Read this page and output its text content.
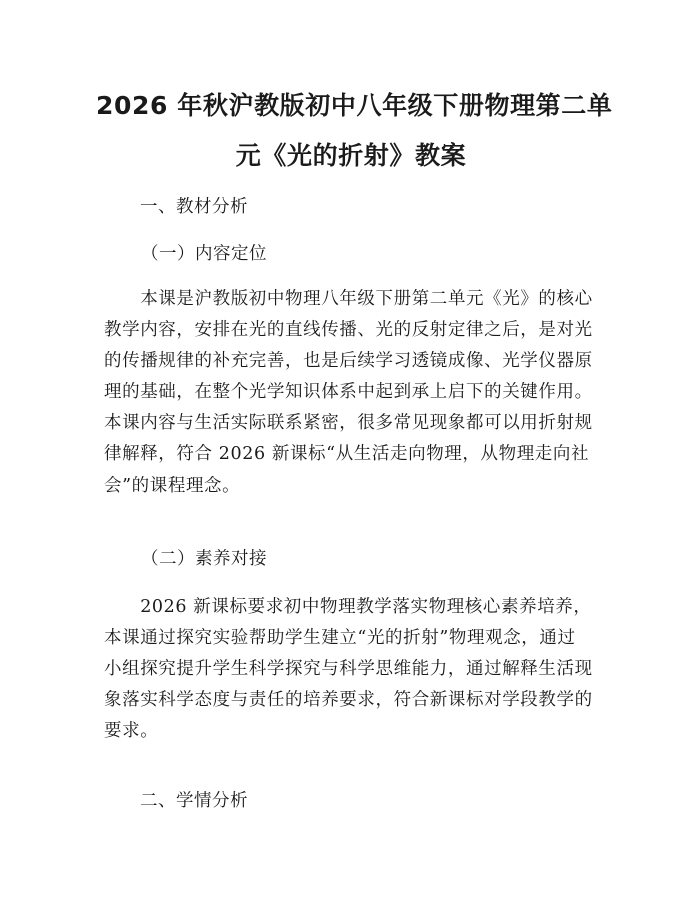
2026 年秋沪教版初中八年级下册物理第二单
元《光的折射》教案

一、教材分析

（一）内容定位

　　本课是沪教版初中物理八年级下册第二单元《光》的核心
教学内容，安排在光的直线传播、光的反射定律之后，是对光
的传播规律的补充完善，也是后续学习透镜成像、光学仪器原
理的基础，在整个光学知识体系中起到承上启下的关键作用。
本课内容与生活实际联系紧密，很多常见现象都可以用折射规
律解释，符合 2026 新课标“从生活走向物理，从物理走向社
会”的课程理念。

（二）素养对接

　　2026 新课标要求初中物理教学落实物理核心素养培养，
本课通过探究实验帮助学生建立“光的折射”物理观念，通过
小组探究提升学生科学探究与科学思维能力，通过解释生活现
象落实科学态度与责任的培养要求，符合新课标对学段教学的
要求。

二、学情分析
